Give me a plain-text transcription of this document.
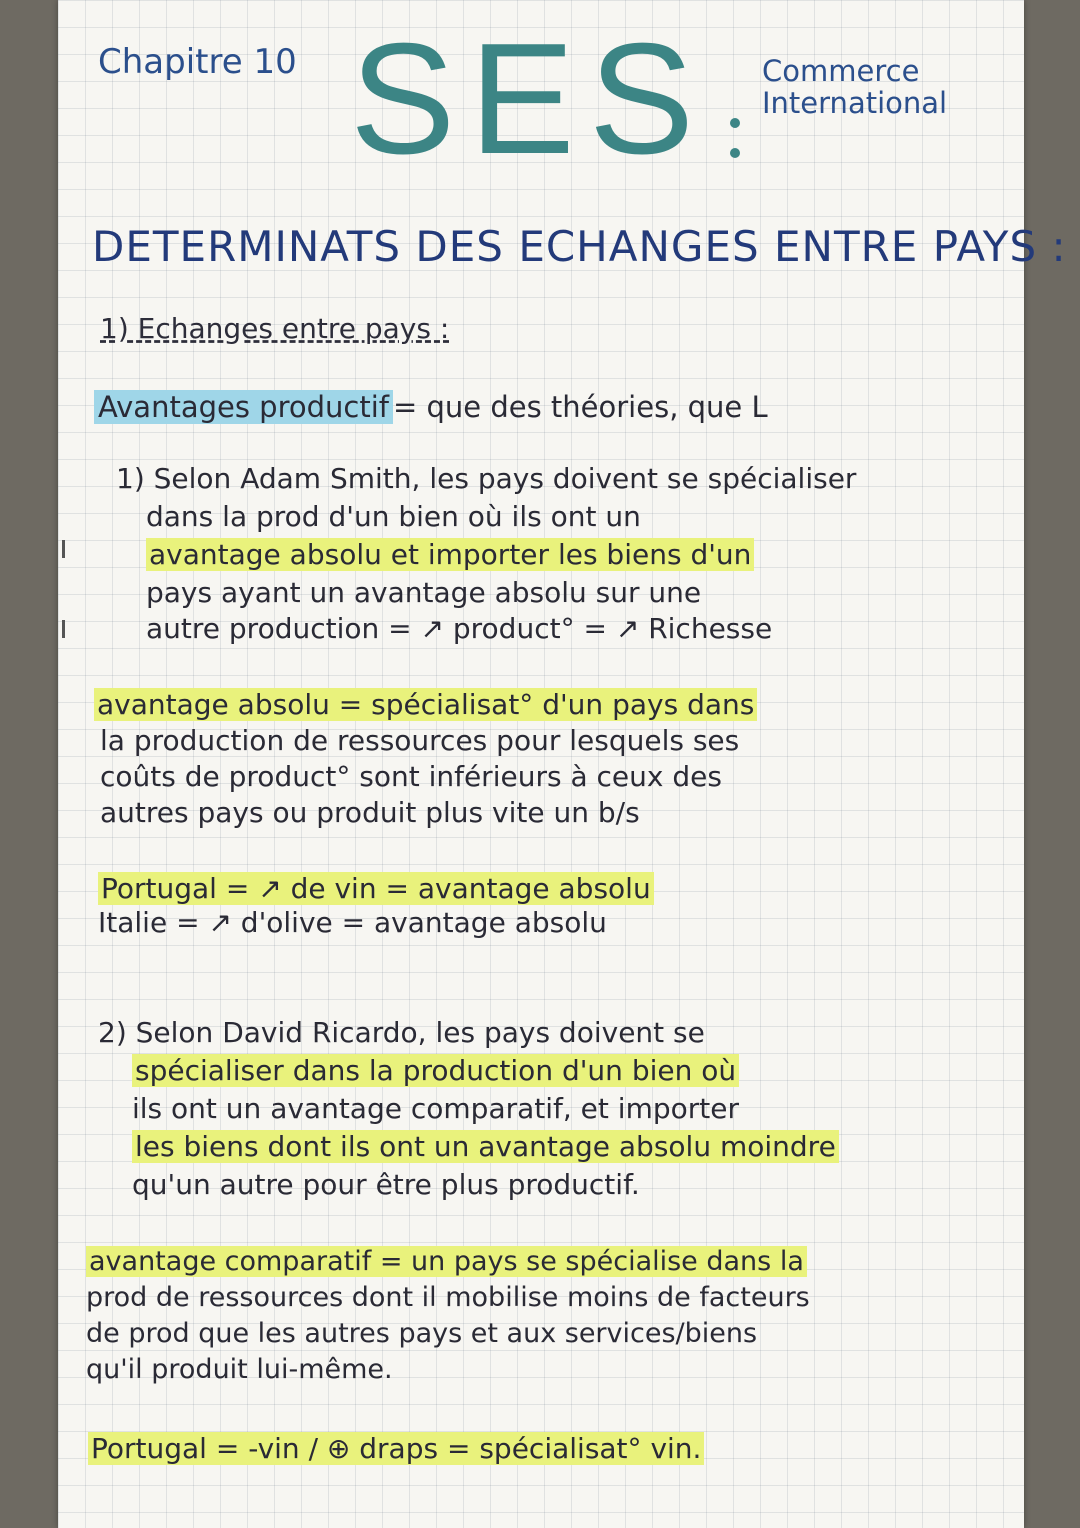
Chapitre 10 SES Commerce
International
DETERMINATS DES ECHANGES ENTRE PAYS :
1) Echanges entre pays :
Avantages productif = que des théories, que L
1) Selon Adam Smith, les pays doivent se spécialiser
dans la prod d'un bien où ils ont un
avantage absolu et importer les biens d'un
pays ayant un avantage absolu sur une
autre production = ↗ product° = ↗ Richesse
avantage absolu = spécialisat° d'un pays dans
la production de ressources pour lesquels ses
coûts de product° sont inférieurs à ceux des
autres pays ou produit plus vite un b/s
Portugal = ↗ de vin = avantage absolu
Italie = ↗ d'olive = avantage absolu
2) Selon David Ricardo, les pays doivent se
spécialiser dans la production d'un bien où
ils ont un avantage comparatif, et importer
les biens dont ils ont un avantage absolu moindre
qu'un autre pour être plus productif.
avantage comparatif = un pays se spécialise dans la
prod de ressources dont il mobilise moins de facteurs
de prod que les autres pays et aux services/biens
qu'il produit lui-même.
Portugal = -vin / ⊕ draps = spécialisat° vin.
